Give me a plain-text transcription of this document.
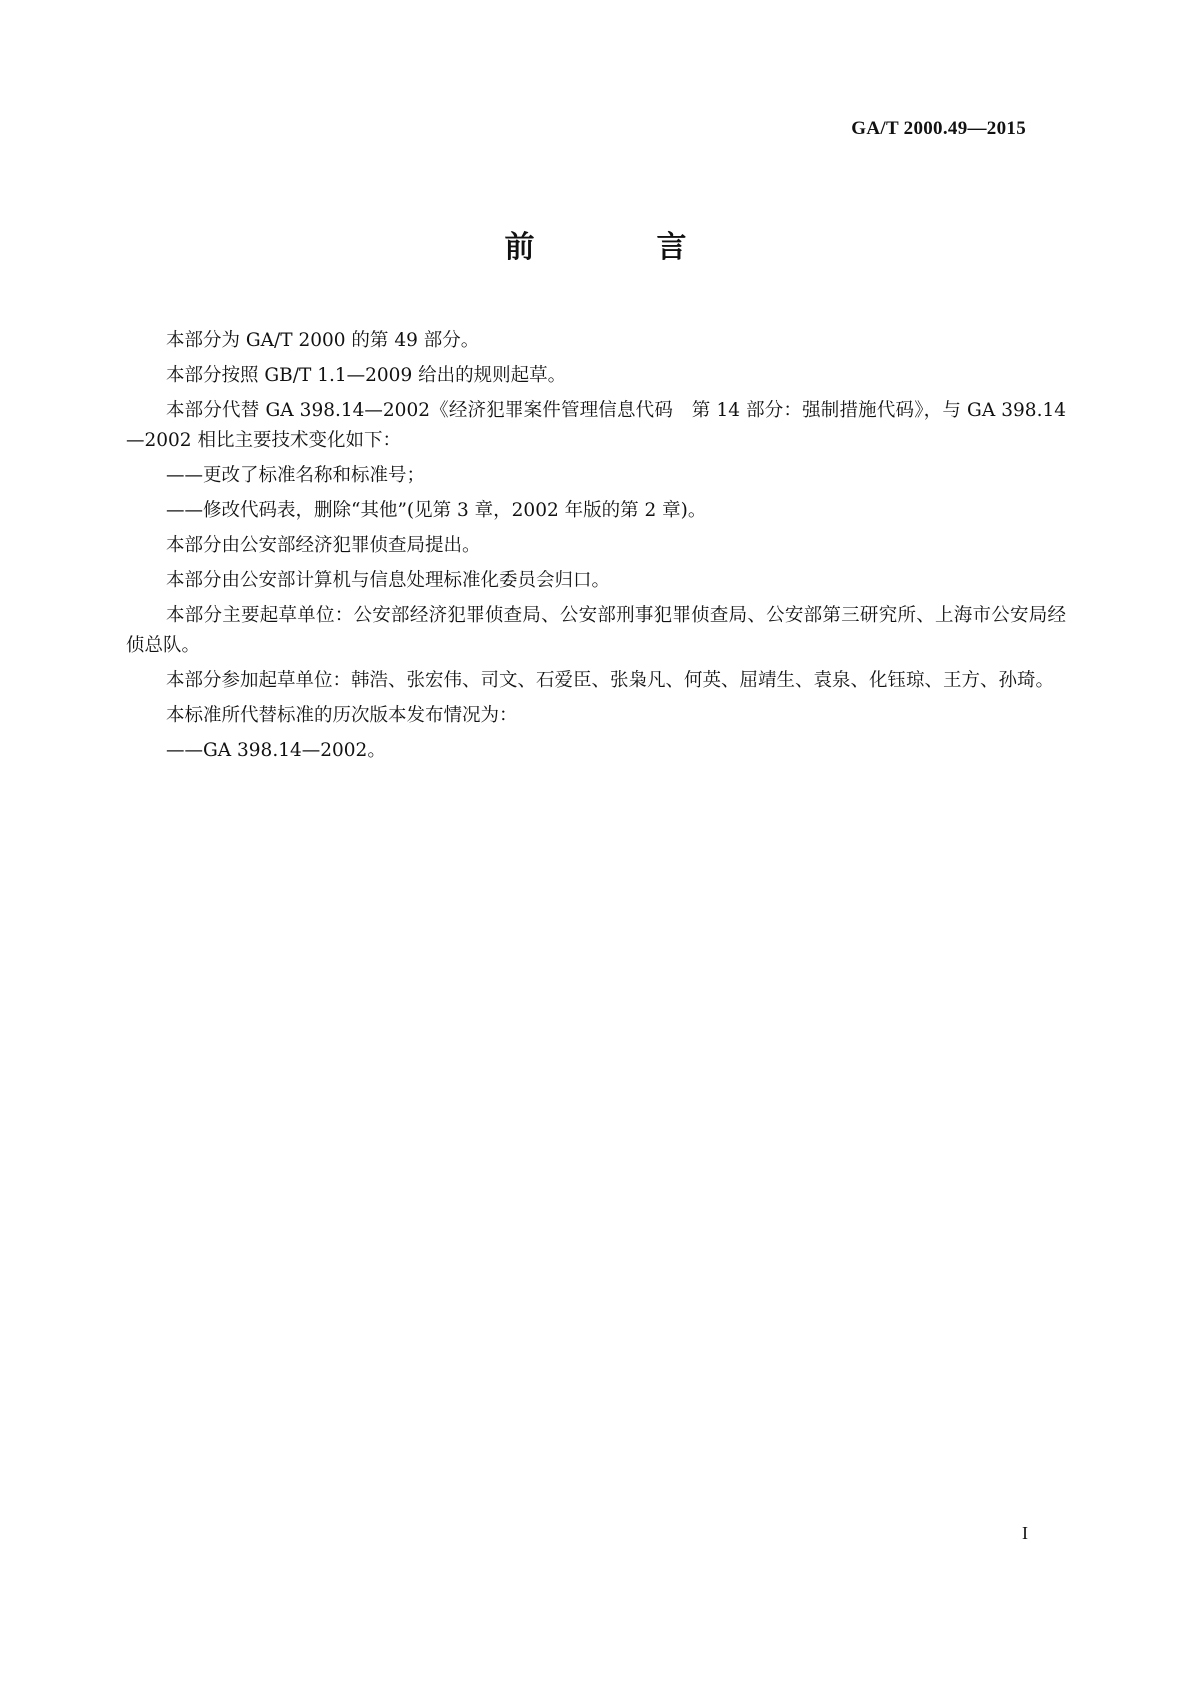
GA/T 2000.49—2015
前　言

本部分为 GA/T 2000 的第 49 部分。

本部分按照 GB/T 1.1—2009 给出的规则起草。

本部分代替 GA 398.14—2002《经济犯罪案件管理信息代码　第 14 部分：强制措施代码》，与 GA 398.14—2002 相比主要技术变化如下：

——更改了标准名称和标准号；

——修改代码表，删除“其他”(见第 3 章，2002 年版的第 2 章)。

本部分由公安部经济犯罪侦查局提出。

本部分由公安部计算机与信息处理标准化委员会归口。

本部分主要起草单位：公安部经济犯罪侦查局、公安部刑事犯罪侦查局、公安部第三研究所、上海市公安局经侦总队。

本部分参加起草单位：韩浩、张宏伟、司文、石爱臣、张枭凡、何英、屈靖生、袁泉、化钰琼、王方、孙琦。

本标准所代替标准的历次版本发布情况为：

——GA 398.14—2002。

I
